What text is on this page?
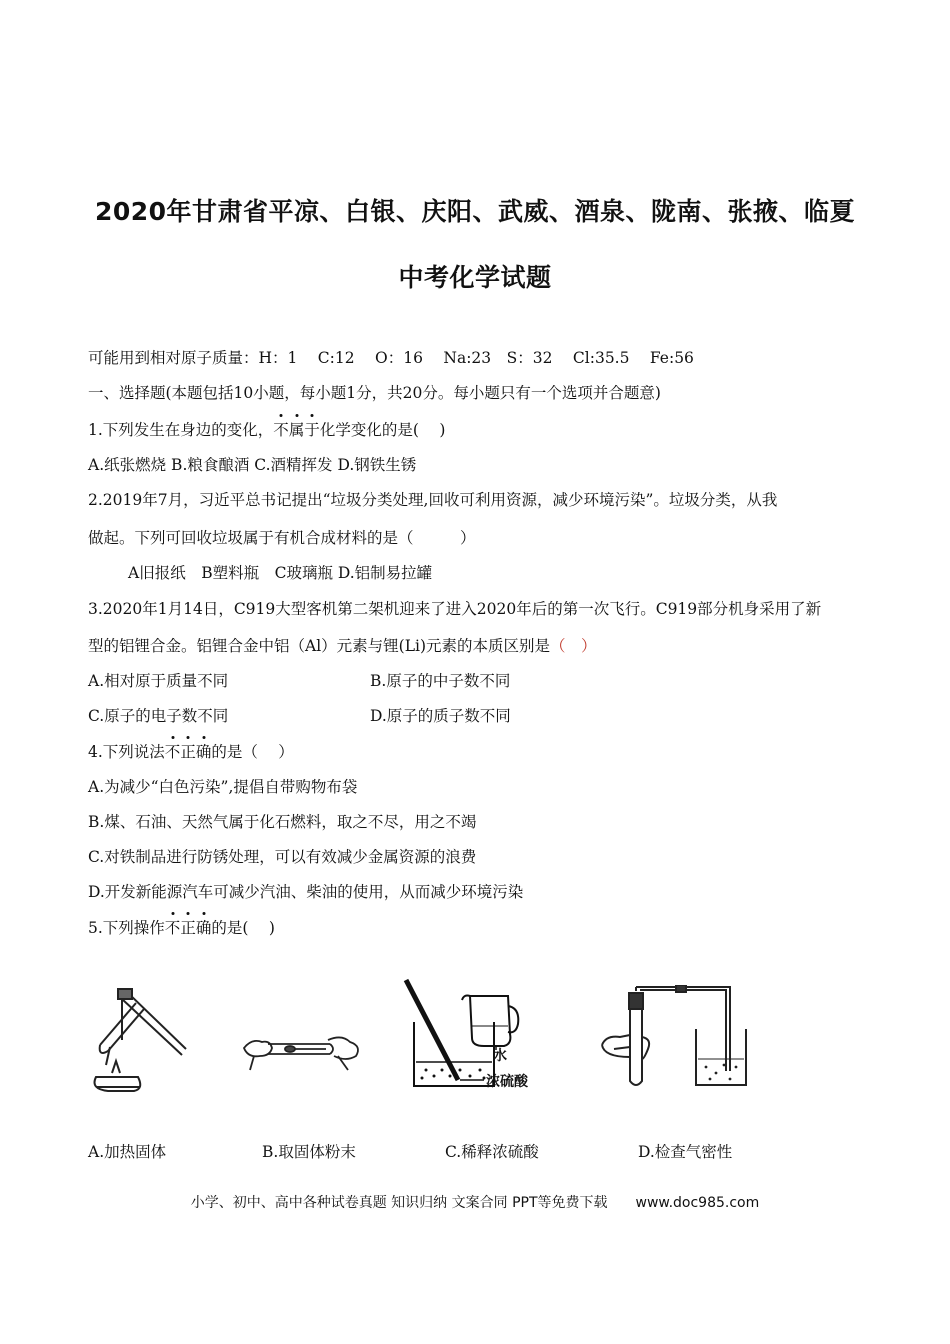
2020年甘肃省平凉、白银、庆阳、武威、酒泉、陇南、张掖、临夏
中考化学试题
可能用到相对原子质量：H：1　 C:12　 O：16　 Na:23　S：32　 Cl:35.5　 Fe:56
一、选择题(本题包括10小题，每小题1分，共20分。每小题只有一个选项并合题意)
1.下列发生在身边的变化，不属于化学变化的是(　 )
A.纸张燃烧 B.粮食酿酒 C.酒精挥发 D.钢铁生锈
2.2019年7月，习近平总书记提出“垃圾分类处理,回收可利用资源，减少环境污染”。垃圾分类，从我
做起。下列可回收垃圾属于有机合成材料的是（　　　）
A旧报纸　B塑料瓶　C玻璃瓶 D.铝制易拉罐
3.2020年1月14日，C919大型客机第二架机迎来了进入2020年后的第一次飞行。C919部分机身采用了新
型的铝锂合金。铝锂合金中铝（Al）元素与锂(Li)元素的本质区别是（　）
A.相对原于质量不同	B.原子的中子数不同
C.原子的电子数不同	D.原子的质子数不同
4.下列说法不正确的是（　 ）
A.为减少“白色污染”,提倡自带购物布袋
B.煤、石油、天然气属于化石燃料，取之不尽，用之不竭
C.对铁制品进行防锈处理，可以有效减少金属资源的浪费
D.开发新能源汽车可减少汽油、柴油的使用，从而减少环境污染
5.下列操作不正确的是(　 )
水
浓硫酸
A.加热固体	B.取固体粉末	C.稀释浓硫酸	D.检查气密性
小学、初中、高中各种试卷真题 知识归纳 文案合同 PPT等免费下载　　www.doc985.com
